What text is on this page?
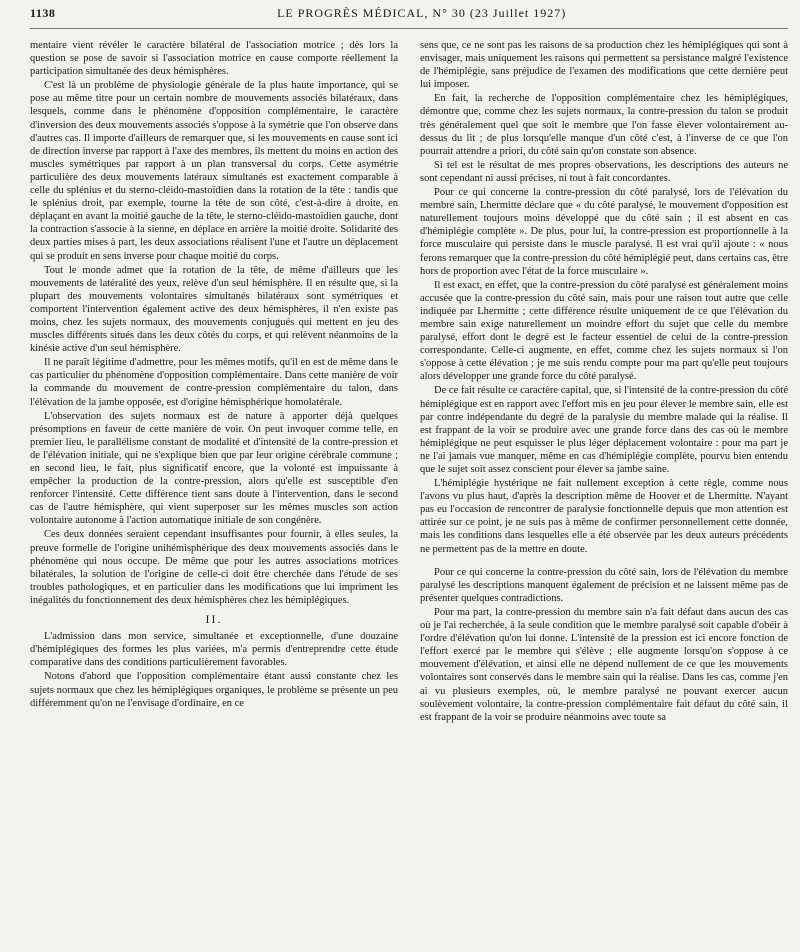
1138	LE PROGRÈS MÉDICAL, N° 30 (23 Juillet 1927)

mentaire vient révéler le caractère bilatéral de l'association motrice ; dès lors la question se pose de savoir si l'association motrice en cause comporte réellement la participation simultanée des deux hémisphères.

C'est là un problème de physiologie générale de la plus haute importance, qui se pose au même titre pour un certain nombre de mouvements associés bilatéraux, dans lesquels, comme dans le phénomène d'opposition complémentaire, le caractère d'inversion des deux mouvements associés s'oppose à la symétrie que l'on observe dans d'autres cas. Il importe d'ailleurs de remarquer que, si les mouvements en cause sont ici de direction inverse par rapport à l'axe des membres, ils mettent du moins en action des muscles symétriques par rapport à un plan transversal du corps. Cette asymétrie particulière des deux mouvements latéraux simultanés est exactement comparable à celle du splénius et du sterno-cléido-mastoïdien dans la rotation de la tête : tandis que le splénius droit, par exemple, tourne la tête de son côté, c'est-à-dire à droite, en déplaçant en avant la moitié gauche de la tête, le sterno-cléido-mastoïdien gauche, dont la contraction s'associe à la sienne, en déplace en arrière la moitié droite. Solidarité des deux parties mises à part, les deux associations réalisent l'une et l'autre un déplacement qui se produit en sens inverse pour chaque moitié du corps.

Tout le monde admet que la rotation de la tête, de même d'ailleurs que les mouvements de latéralité des yeux, relève d'un seul hémisphère. Il en résulte que, si la plupart des mouvements volontaires simultanés bilatéraux sont symétriques et comportent l'intervention également active des deux hémisphères, il n'en existe pas moins, chez les sujets normaux, des mouvements conjugués qui mettent en jeu des muscles différents situés dans les deux côtés du corps, et qui relèvent néanmoins de la kinésie active d'un seul hémisphère.

Il ne paraît légitime d'admettre, pour les mêmes motifs, qu'il en est de même dans le cas particulier du phénomène d'opposition complémentaire. Dans cette manière de voir la commande du mouvement de contre-pression complémentaire du talon, dans l'élévation de la jambe opposée, est d'origine hémisphérique homolatérale.

L'observation des sujets normaux est de nature à apporter déjà quelques présomptions en faveur de cette manière de voir. On peut invoquer comme telle, en premier lieu, le parallélisme constant de modalité et d'intensité de la contre-pression et de l'élévation initiale, qui ne s'explique bien que par leur origine cérébrale commune ; en second lieu, le fait, plus significatif encore, que la volonté est impuissante à empêcher la production de la contre-pression, alors qu'elle est susceptible d'en renforcer l'intensité. Cette différence tient sans doute à l'intervention, dans le second cas de l'autre hémisphère, qui vient superposer sur les mêmes muscles son action volontaire autonome à l'action automatique initiale de son congénère.

Ces deux données seraient cependant insuffisantes pour fournir, à elles seules, la preuve formelle de l'origine unihémisphérique des deux mouvements associés dans le phénomène qui nous occupe. De même que pour les autres associations motrices bilatérales, la solution de l'origine de celle-ci doit être cherchée dans l'étude de ses troubles pathologiques, et en particulier dans les modifications que lui impriment les inégalités du fonctionnement des deux hémisphères chez les hémiplégiques.

II.

L'admission dans mon service, simultanée et exceptionnelle, d'une douzaine d'hémiplégiques des formes les plus variées, m'a permis d'entreprendre cette étude comparative dans des conditions particulièrement favorables.

Notons d'abord que l'opposition complémentaire étant aussi constante chez les sujets normaux que chez les hémiplégiques organiques, le problème se présente un peu différemment qu'on ne l'envisage d'ordinaire, en ce

sens que, ce ne sont pas les raisons de sa production chez les hémiplégiques qui sont à envisager, mais uniquement les raisons qui permettent sa persistance malgré l'existence de l'hémiplégie, sans préjudice de l'examen des modifications que cette dernière peut lui imposer.

En fait, la recherche de l'opposition complémentaire chez les hémiplégiques, démontre que, comme chez les sujets normaux, la contre-pression du talon se produit très généralement quel que soit le membre que l'on fasse élever volontairement au-dessus du lit ; de plus lorsqu'elle manque d'un côté c'est, à l'inverse de ce que l'on pourrait attendre a priori, du côté sain qu'on constate son absence.

Si tel est le résultat de mes propres observations, les descriptions des auteurs ne sont cependant ni aussi précises, ni tout à fait concordantes.

Pour ce qui concerne la contre-pression du côté paralysé, lors de l'élévation du membre sain, Lhermitte déclare que « du côté paralysé, le mouvement d'opposition est naturellement toujours moins développé que du côté sain ; il est absent en cas d'hémiplégie complète ». De plus, pour lui, la contre-pression est proportionnelle à la force musculaire qui persiste dans le muscle paralysé. Il est vrai qu'il ajoute : « nous ferons remarquer que la contre-pression du côté hémiplégié peut, dans certains cas, être hors de proportion avec l'état de la force musculaire ».

Il est exact, en effet, que la contre-pression du côté paralysé est généralement moins accusée que la contre-pression du côté sain, mais pour une raison tout autre que celle indiquée par Lhermitte ; cette différence résulte uniquement de ce que l'élévation du membre sain exige naturellement un moindre effort du sujet que celle du membre paralysé, effort dont le degré est le facteur essentiel de celui de la contre-pression correspondante. Celle-ci augmente, en effet, comme chez les sujets normaux si l'on s'oppose à cette élévation ; je me suis rendu compte pour ma part qu'elle peut toujours alors développer une grande force du côté paralysé.

De ce fait résulte ce caractère capital, que, si l'intensité de la contre-pression du côté hémiplégique est en rapport avec l'effort mis en jeu pour élever le membre sain, elle est par contre indépendante du degré de la paralysie du membre malade qui la réalise. Il est frappant de la voir se produire avec une grande force dans des cas où le membre hémiplégique ne peut esquisser le plus léger déplacement volontaire : pour ma part je ne l'ai jamais vue manquer, même en cas d'hémiplégie complète, pourvu bien entendu que le sujet soit assez conscient pour élever sa jambe saine.

L'hémiplégie hystérique ne fait nullement exception à cette règle, comme nous l'avons vu plus haut, d'après la description même de Hoover et de Lhermitte. N'ayant pas eu l'occasion de rencontrer de paralysie fonctionnelle depuis que mon attention est attirée sur ce point, je ne suis pas à même de confirmer personnellement cette donnée, mais les conditions dans lesquelles elle a été observée par les deux auteurs précédents ne permettent pas de la mettre en doute.

Pour ce qui concerne la contre-pression du côté sain, lors de l'élévation du membre paralysé les descriptions manquent également de précision et ne laissent même pas de présenter quelques contradictions.

Pour ma part, la contre-pression du membre sain n'a fait défaut dans aucun des cas où je l'ai recherchée, à la seule condition que le membre paralysé soit capable d'obéir à l'ordre d'élévation qu'on lui donne. L'intensité de la pression est ici encore fonction de l'effort exercé par le membre qui s'élève ; elle augmente lorsqu'on s'oppose à ce mouvement d'élévation, et ainsi elle ne dépend nullement de ce que les mouvements volontaires sont conservés dans le membre sain qui la réalise. Dans les cas, comme j'en ai vu plusieurs exemples, où, le membre paralysé ne pouvant exercer aucun soulèvement volontaire, la contre-pression complémentaire fait défaut du côté sain, il est frappant de la voir se produire néanmoins avec toute sa
